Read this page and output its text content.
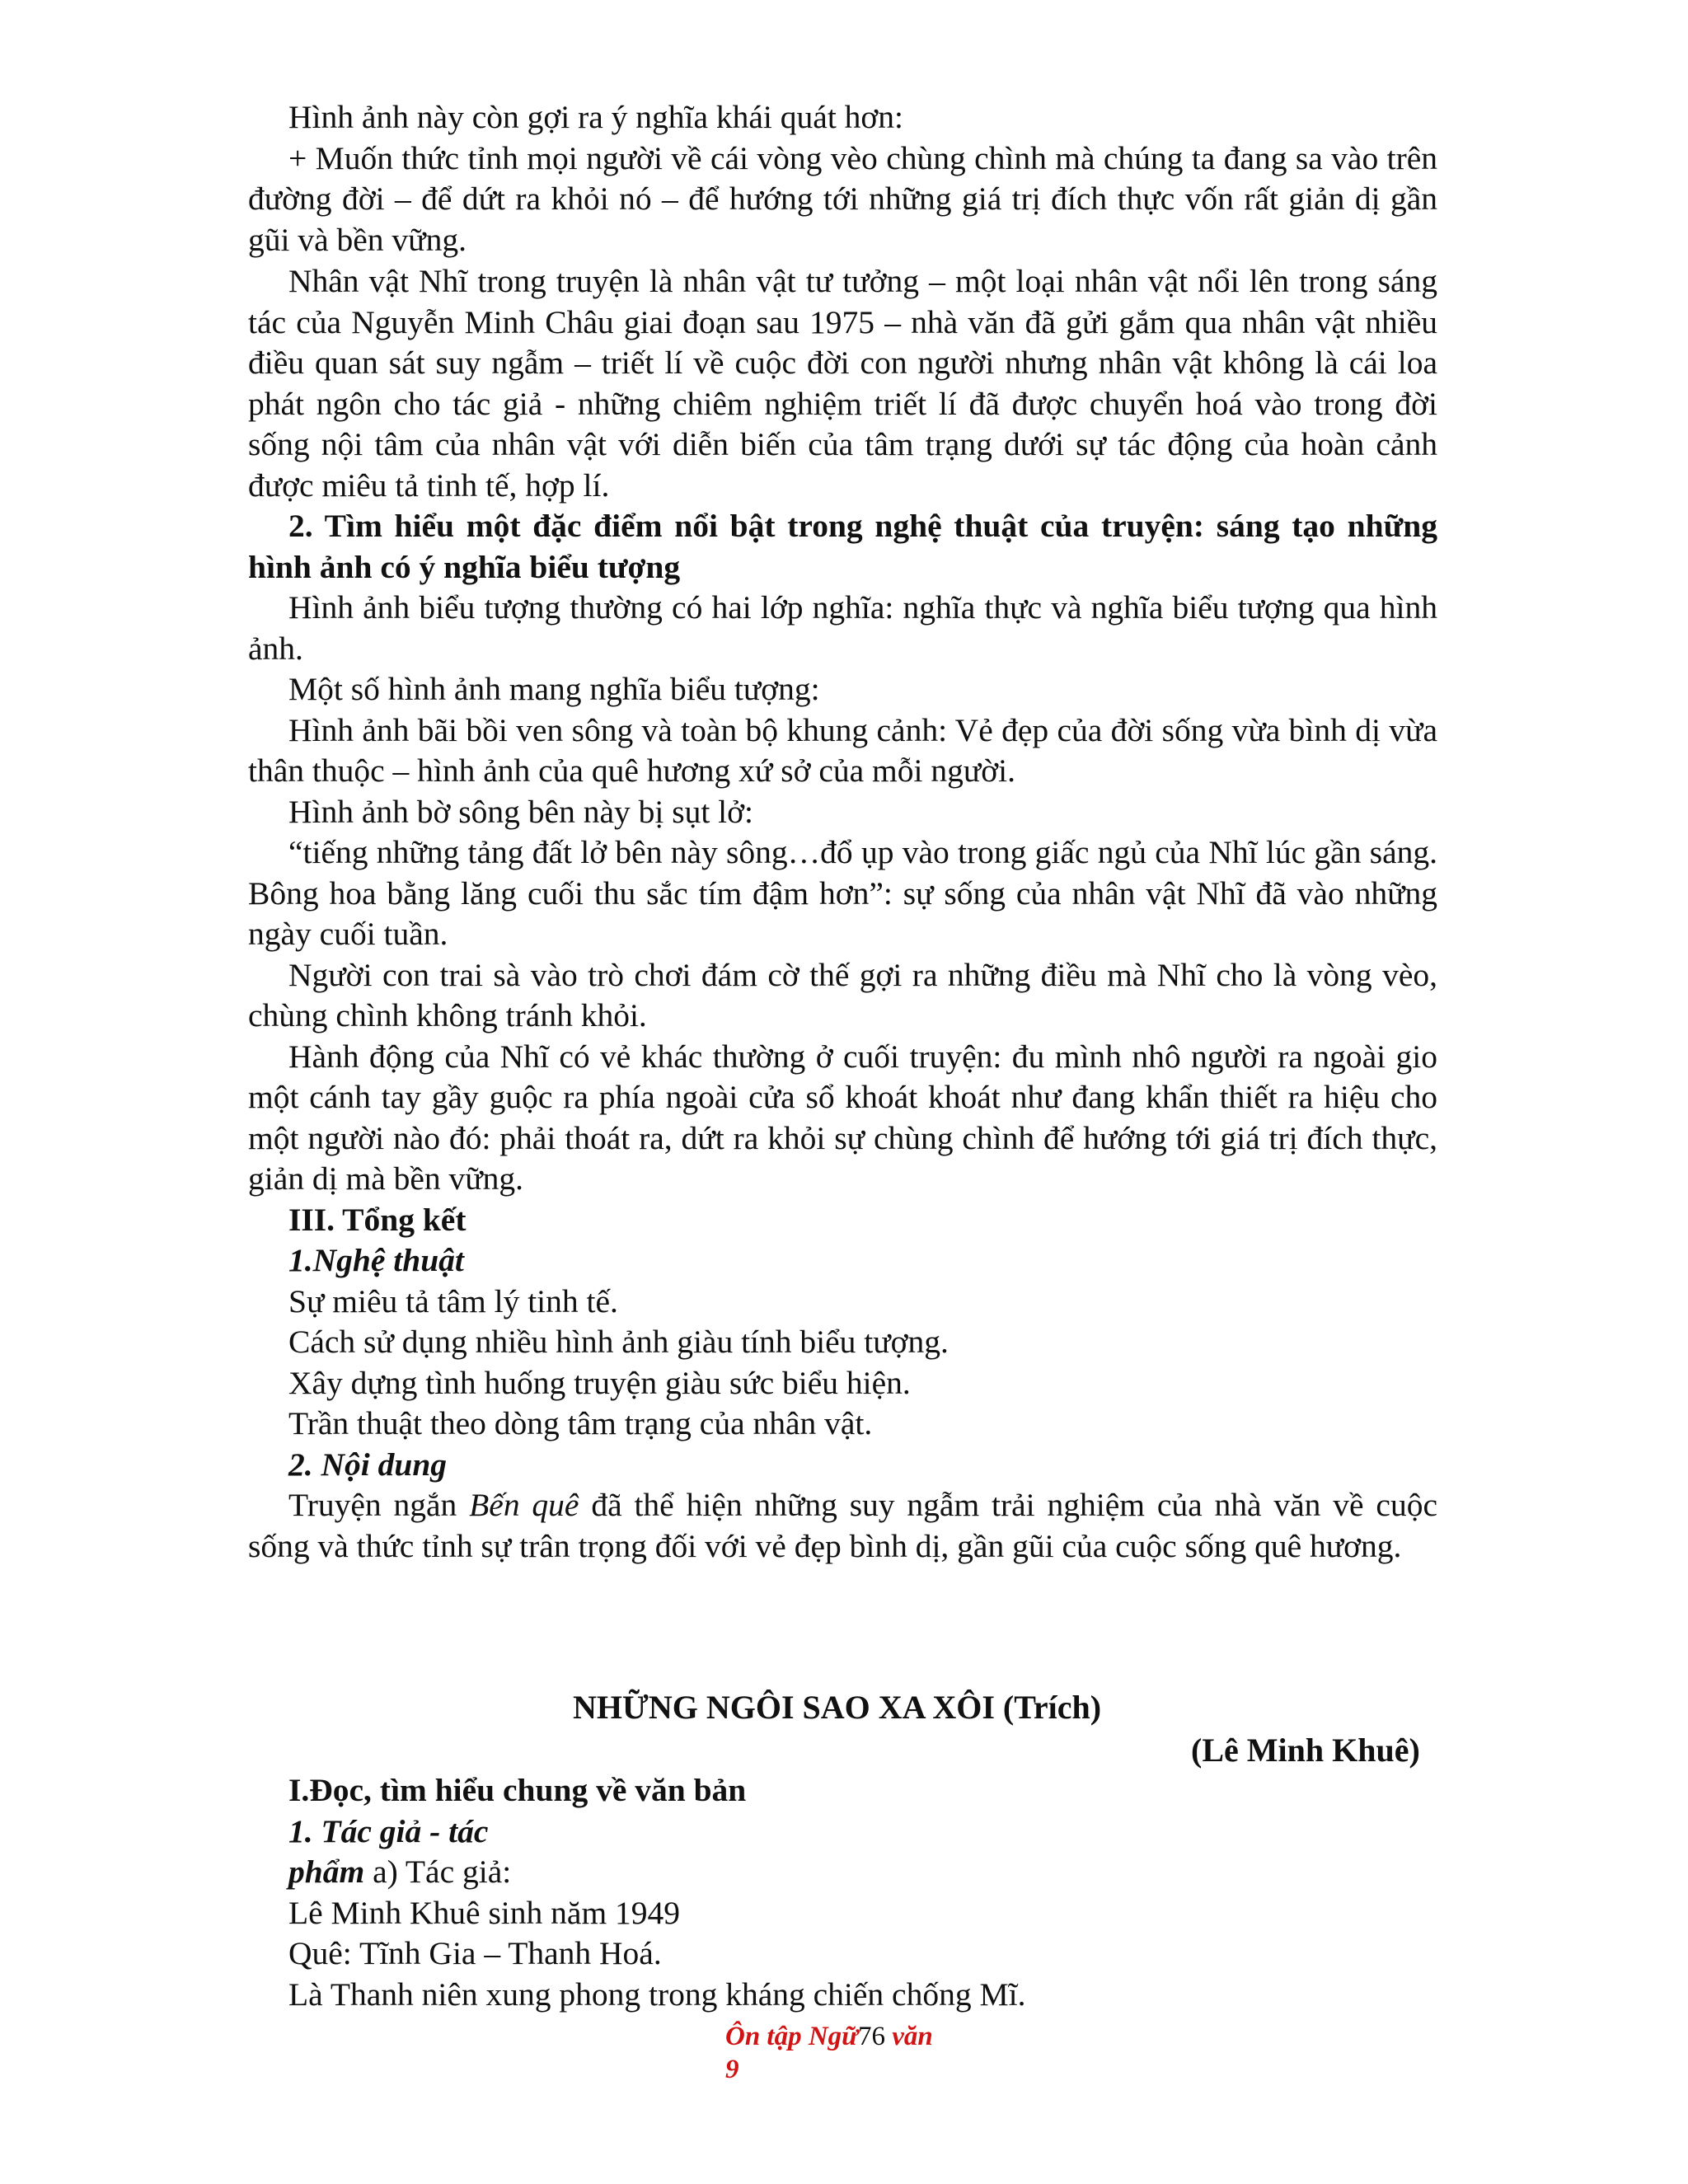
Hình ảnh này còn gợi ra ý nghĩa khái quát hơn:

+ Muốn thức tỉnh mọi người về cái vòng vèo chùng chình mà chúng ta đang sa vào trên đường đời – để dứt ra khỏi nó – để hướng tới những giá trị đích thực vốn rất giản dị gần gũi và bền vững.

Nhân vật Nhĩ trong truyện là nhân vật tư tưởng – một loại nhân vật nổi lên trong sáng tác của Nguyễn Minh Châu giai đoạn sau 1975 – nhà văn đã gửi gắm qua nhân vật nhiều điều quan sát suy ngẫm – triết lí về cuộc đời con người nhưng nhân vật không là cái loa phát ngôn cho tác giả - những chiêm nghiệm triết lí đã được chuyển hoá vào trong đời sống nội tâm của nhân vật với diễn biến của tâm trạng dưới sự tác động của hoàn cảnh được miêu tả tinh tế, hợp lí.

2. Tìm hiểu một đặc điểm nổi bật trong nghệ thuật của truyện: sáng tạo những hình ảnh có ý nghĩa biểu tượng

Hình ảnh biểu tượng thường có hai lớp nghĩa: nghĩa thực và nghĩa biểu tượng qua hình ảnh.

Một số hình ảnh mang nghĩa biểu tượng:

Hình ảnh bãi bồi ven sông và toàn bộ khung cảnh: Vẻ đẹp của đời sống vừa bình dị vừa thân thuộc – hình ảnh của quê hương xứ sở của mỗi người.

Hình ảnh bờ sông bên này bị sụt lở:

“tiếng những tảng đất lở bên này sông…đổ ụp vào trong giấc ngủ của Nhĩ lúc gần sáng. Bông hoa bằng lăng cuối thu sắc tím đậm hơn”: sự sống của nhân vật Nhĩ đã vào những ngày cuối tuần.

Người con trai sà vào trò chơi đám cờ thế gợi ra những điều mà Nhĩ cho là vòng vèo, chùng chình không tránh khỏi.

Hành động của Nhĩ có vẻ khác thường ở cuối truyện: đu mình nhô người ra ngoài gio một cánh tay gầy guộc ra phía ngoài cửa sổ khoát khoát như đang khẩn thiết ra hiệu cho một người nào đó: phải thoát ra, dứt ra khỏi sự chùng chình để hướng tới giá trị đích thực, giản dị mà bền vững.

III. Tổng kết

1.Nghệ thuật

Sự miêu tả tâm lý tinh tế.

Cách sử dụng nhiều hình ảnh giàu tính biểu tượng.

Xây dựng tình huống truyện giàu sức biểu hiện.

Trần thuật theo dòng tâm trạng của nhân vật.

2. Nội dung

Truyện ngắn Bến quê đã thể hiện những suy ngẫm trải nghiệm của nhà văn về cuộc sống và thức tỉnh sự trân trọng đối với vẻ đẹp bình dị, gần gũi của cuộc sống quê hương.

NHỮNG NGÔI SAO XA XÔI (Trích)
(Lê Minh Khuê)

I.Đọc, tìm hiểu chung về văn bản

1. Tác giả - tác

phẩm a) Tác giả:

Lê Minh Khuê sinh năm 1949

Quê: Tĩnh Gia – Thanh Hoá.

Là Thanh niên xung phong trong kháng chiến chống Mĩ.

Ôn tập Ngữ76 văn
9
